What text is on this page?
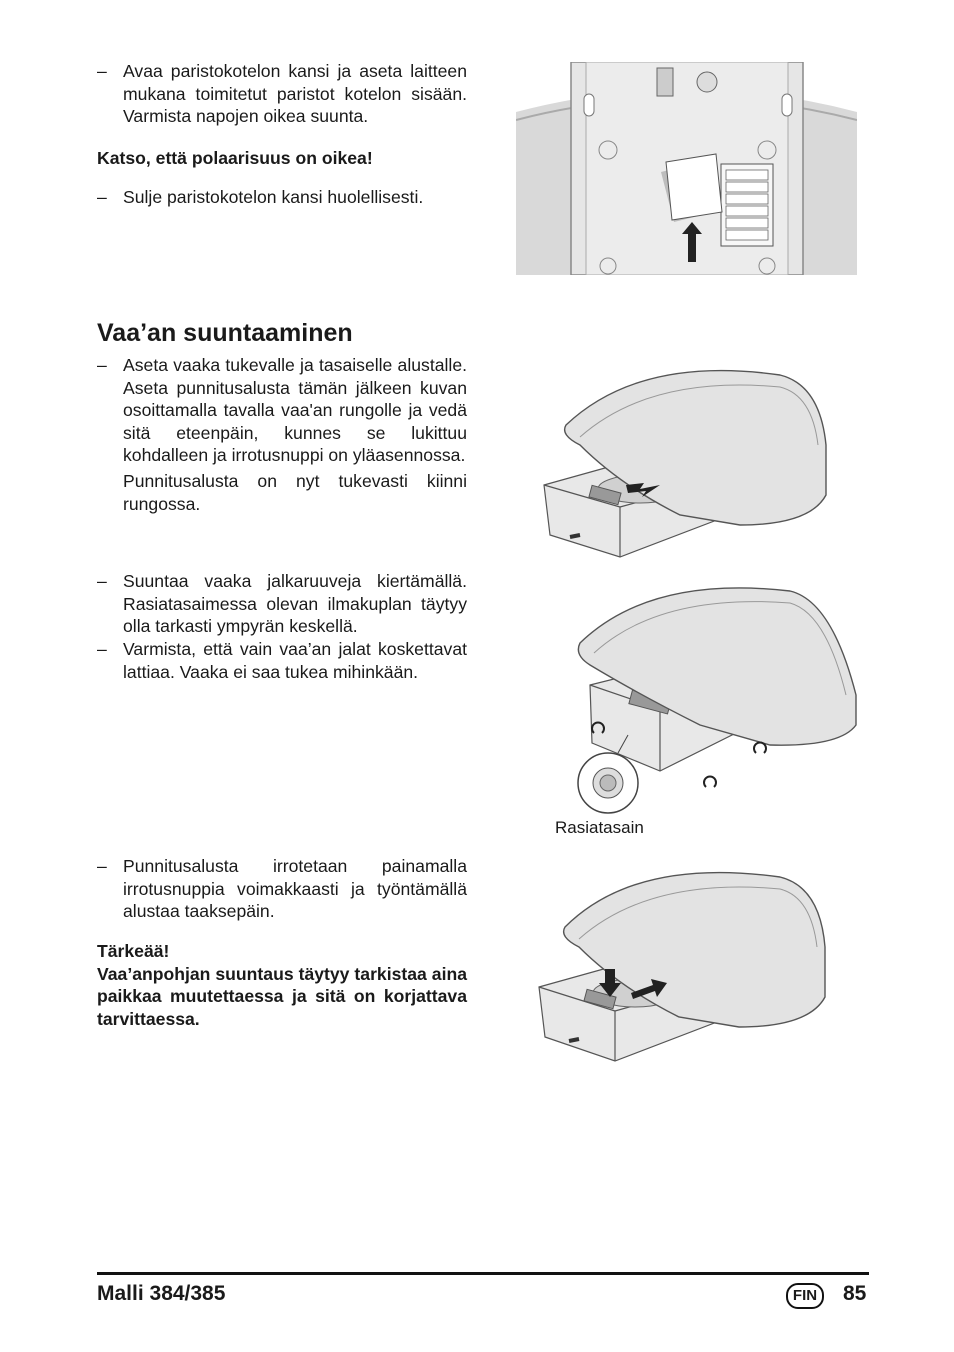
– Avaa paristokotelon kansi ja aseta laitteen mukana toimitetut paristot kotelon sisään. Varmista napojen oikea suunta.
Katso, että polaarisuus on oikea!
– Sulje paristokotelon kansi huolellisesti.
Vaa’an suuntaaminen
– Aseta vaaka tukevalle ja tasaiselle alustalle. Aseta punnitusalusta tämän jälkeen kuvan osoittamalla tavalla vaa'an rungolle ja vedä sitä eteenpäin, kunnes se lukittuu kohdalleen ja irrotusnuppi on yläasennossa.
Punnitusalusta on nyt tukevasti kiinni rungossa.
– Suuntaa vaaka jalkaruuveja kiertämällä. Rasiatasaimessa olevan ilmakuplan täytyy olla tarkasti ympyrän keskellä.
– Varmista, että vain vaa’an jalat koskettavat lattiaa. Vaaka ei saa tukea mihinkään.
Rasiatasain
– Punnitusalusta irrotetaan painamalla irrotusnuppia voimakkaasti ja työntämällä alustaa taaksepäin.
Tärkeää!
Vaa’anpohjan suuntaus täytyy tarkistaa aina paikkaa muutettaessa ja sitä on korjattava tarvittaessa.
Malli 384/385	FIN	85
